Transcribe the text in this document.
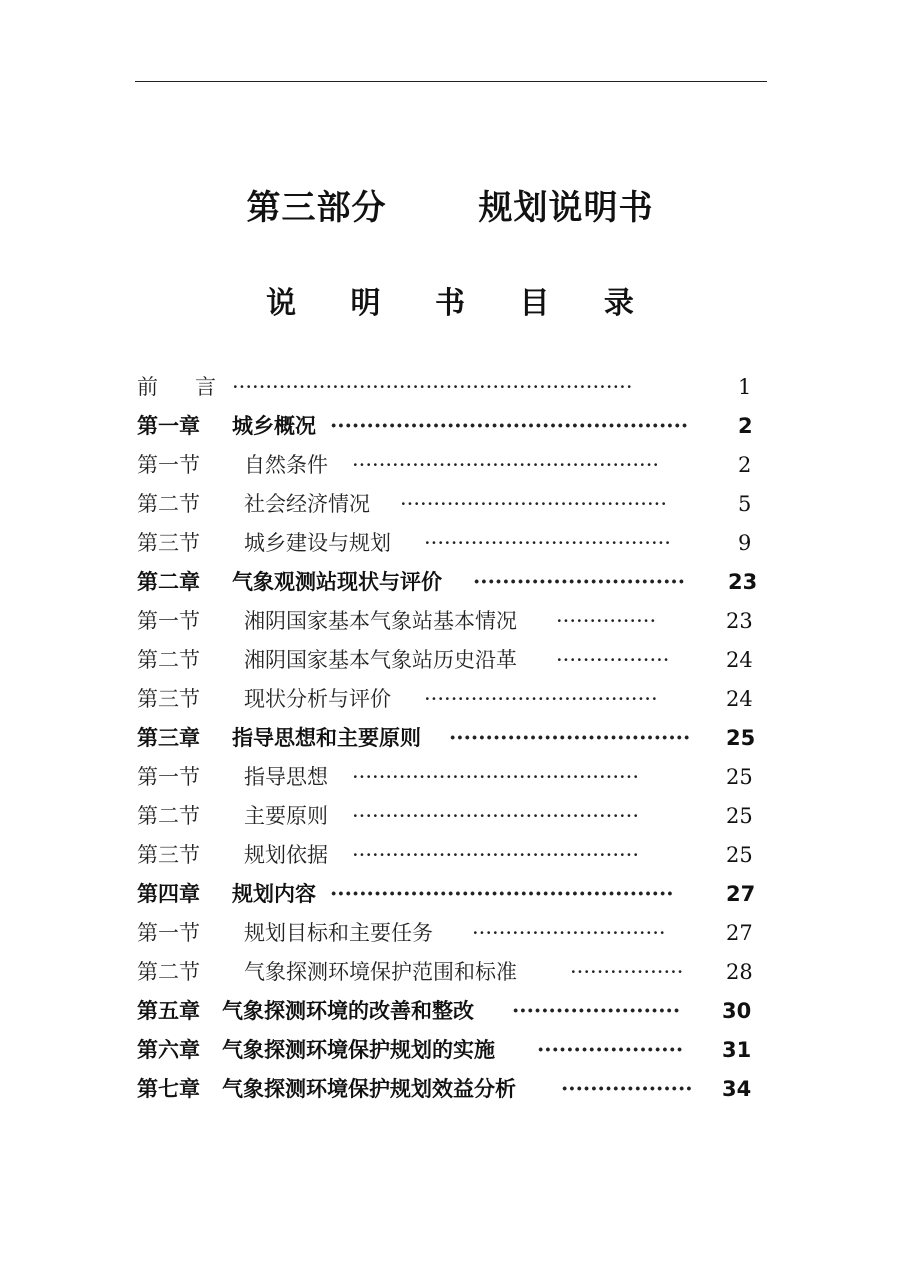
第三部分	规划说明书
说 明 书 目 录
前　言 ····························································	1
第一章 城乡概况 ·················································	2
第一节 自然条件 ··············································	2
第二节 社会经济情况 ········································	5
第三节 城乡建设与规划 ·····································	9
第二章 气象观测站现状与评价 ·····························	23
第一节 湘阴国家基本气象站基本情况 ···············	23
第二节 湘阴国家基本气象站历史沿革 ·················	24
第三节 现状分析与评价 ···································	24
第三章 指导思想和主要原则 ·································	25
第一节 指导思想 ···········································	25
第二节 主要原则 ···········································	25
第三节 规划依据 ···········································	25
第四章 规划内容 ···············································	27
第一节 规划目标和主要任务 ·····························	27
第二节 气象探测环境保护范围和标准	·················	28
第五章 气象探测环境的改善和整改 ·······················	30
第六章 气象探测环境保护规划的实施 ····················	31
第七章 气象探测环境保护规划效益分析 ··················	34
